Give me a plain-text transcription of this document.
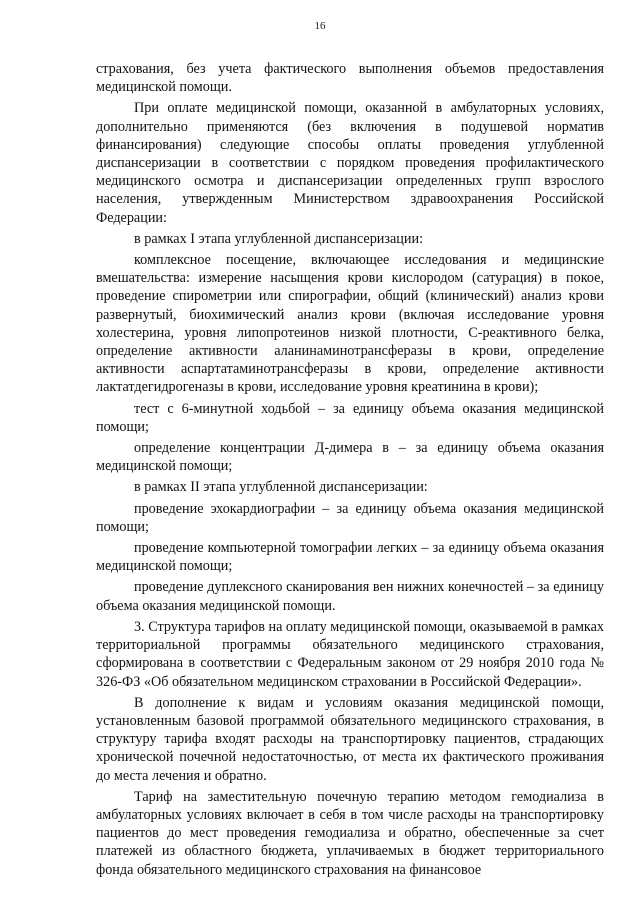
16

страхования, без учета фактического выполнения объемов предоставления медицинской помощи.

При оплате медицинской помощи, оказанной в амбулаторных условиях, дополнительно применяются (без включения в подушевой норматив финансирования) следующие способы оплаты проведения углубленной диспансеризации в соответствии с порядком проведения профилактического медицинского осмотра и диспансеризации определенных групп взрослого населения, утвержденным Министерством здравоохранения Российской Федерации:

в рамках I этапа углубленной диспансеризации:

комплексное посещение, включающее исследования и медицинские вмешательства: измерение насыщения крови кислородом (сатурация) в покое, проведение спирометрии или спирографии, общий (клинический) анализ крови развернутый, биохимический анализ крови (включая исследование уровня холестерина, уровня липопротеинов низкой плотности, С-реактивного белка, определение активности аланинаминотрансферазы в крови, определение активности аспартатаминотрансферазы в крови, определение активности лактатдегидрогеназы в крови, исследование уровня креатинина в крови);

тест с 6-минутной ходьбой – за единицу объема оказания медицинской помощи;

определение концентрации Д-димера в – за единицу объема оказания медицинской помощи;

в рамках II этапа углубленной диспансеризации:

проведение эхокардиографии – за единицу объема оказания медицинской помощи;

проведение компьютерной томографии легких – за единицу объема оказания медицинской помощи;

проведение дуплексного сканирования вен нижних конечностей – за единицу объема оказания медицинской помощи.

3. Структура тарифов на оплату медицинской помощи, оказываемой в рамках территориальной программы обязательного медицинского страхования, сформирована в соответствии с Федеральным законом от 29 ноября 2010 года № 326-ФЗ «Об обязательном медицинском страховании в Российской Федерации».

В дополнение к видам и условиям оказания медицинской помощи, установленным базовой программой обязательного медицинского страхования, в структуру тарифа входят расходы на транспортировку пациентов, страдающих хронической почечной недостаточностью, от места их фактического проживания до места лечения и обратно.

Тариф на заместительную почечную терапию методом гемодиализа в амбулаторных условиях включает в себя в том числе расходы на транспортировку пациентов до мест проведения гемодиализа и обратно, обеспеченные за счет платежей из областного бюджета, уплачиваемых в бюджет территориального фонда обязательного медицинского страхования на финансовое
